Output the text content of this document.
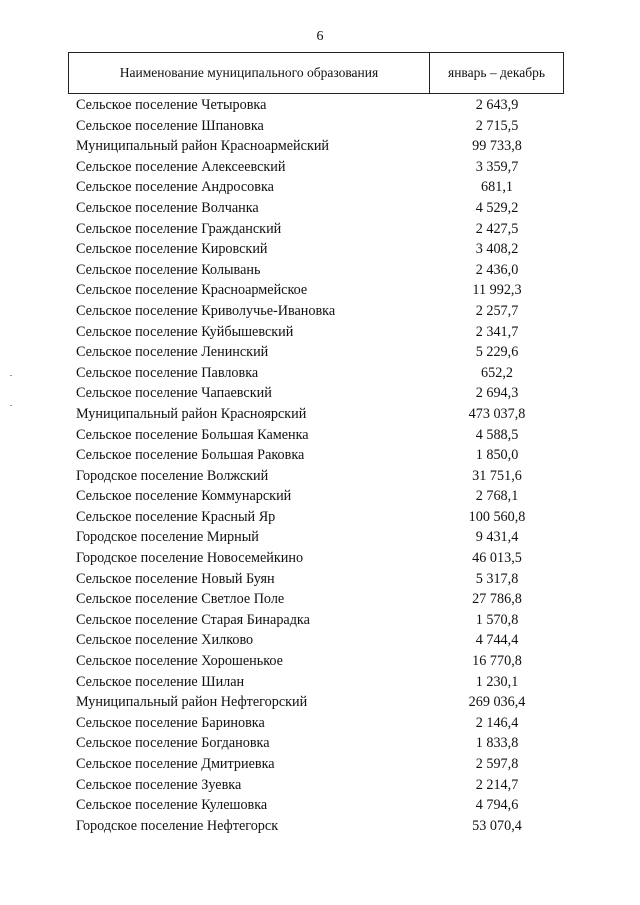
6
Наименование муниципального образования	январь – декабрь
Сельское поселение Четыровка	2 643,9
Сельское поселение Шпановка	2 715,5
Муниципальный район Красноармейский	99 733,8
Сельское поселение Алексеевский	3 359,7
Сельское поселение Андросовка	681,1
Сельское поселение Волчанка	4 529,2
Сельское поселение Гражданский	2 427,5
Сельское поселение Кировский	3 408,2
Сельское поселение Колывань	2 436,0
Сельское поселение Красноармейское	11 992,3
Сельское поселение Криволучье-Ивановка	2 257,7
Сельское поселение Куйбышевский	2 341,7
Сельское поселение Ленинский	5 229,6
Сельское поселение Павловка	652,2
Сельское поселение Чапаевский	2 694,3
Муниципальный район Красноярский	473 037,8
Сельское поселение Большая Каменка	4 588,5
Сельское поселение Большая Раковка	1 850,0
Городское поселение Волжский	31 751,6
Сельское поселение Коммунарский	2 768,1
Сельское поселение Красный Яр	100 560,8
Городское поселение Мирный	9 431,4
Городское поселение Новосемейкино	46 013,5
Сельское поселение Новый Буян	5 317,8
Сельское поселение Светлое Поле	27 786,8
Сельское поселение Старая Бинарадка	1 570,8
Сельское поселение Хилково	4 744,4
Сельское поселение Хорошенькое	16 770,8
Сельское поселение Шилан	1 230,1
Муниципальный район Нефтегорский	269 036,4
Сельское поселение Бариновка	2 146,4
Сельское поселение Богдановка	1 833,8
Сельское поселение Дмитриевка	2 597,8
Сельское поселение Зуевка	2 214,7
Сельское поселение Кулешовка	4 794,6
Городское поселение Нефтегорск	53 070,4
